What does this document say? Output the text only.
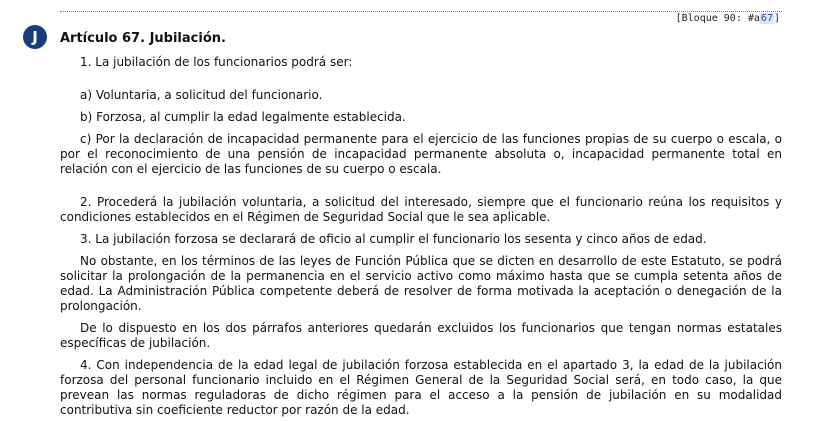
[Bloque 90: #a67]
J	Artículo 67. Jubilación.

1. La jubilación de los funcionarios podrá ser:

a) Voluntaria, a solicitud del funcionario.

b) Forzosa, al cumplir la edad legalmente establecida.

c) Por la declaración de incapacidad permanente para el ejercicio de las funciones propias de su cuerpo o escala, o por el reconocimiento de una pensión de incapacidad permanente absoluta o, incapacidad permanente total en relación con el ejercicio de las funciones de su cuerpo o escala.

2. Procederá la jubilación voluntaria, a solicitud del interesado, siempre que el funcionario reúna los requisitos y condiciones establecidos en el Régimen de Seguridad Social que le sea aplicable.

3. La jubilación forzosa se declarará de oficio al cumplir el funcionario los sesenta y cinco años de edad.

No obstante, en los términos de las leyes de Función Pública que se dicten en desarrollo de este Estatuto, se podrá solicitar la prolongación de la permanencia en el servicio activo como máximo hasta que se cumpla setenta años de edad. La Administración Pública competente deberá de resolver de forma motivada la aceptación o denegación de la prolongación.

De lo dispuesto en los dos párrafos anteriores quedarán excluidos los funcionarios que tengan normas estatales específicas de jubilación.

4. Con independencia de la edad legal de jubilación forzosa establecida en el apartado 3, la edad de la jubilación forzosa del personal funcionario incluido en el Régimen General de la Seguridad Social será, en todo caso, la que prevean las normas reguladoras de dicho régimen para el acceso a la pensión de jubilación en su modalidad contributiva sin coeficiente reductor por razón de la edad.
